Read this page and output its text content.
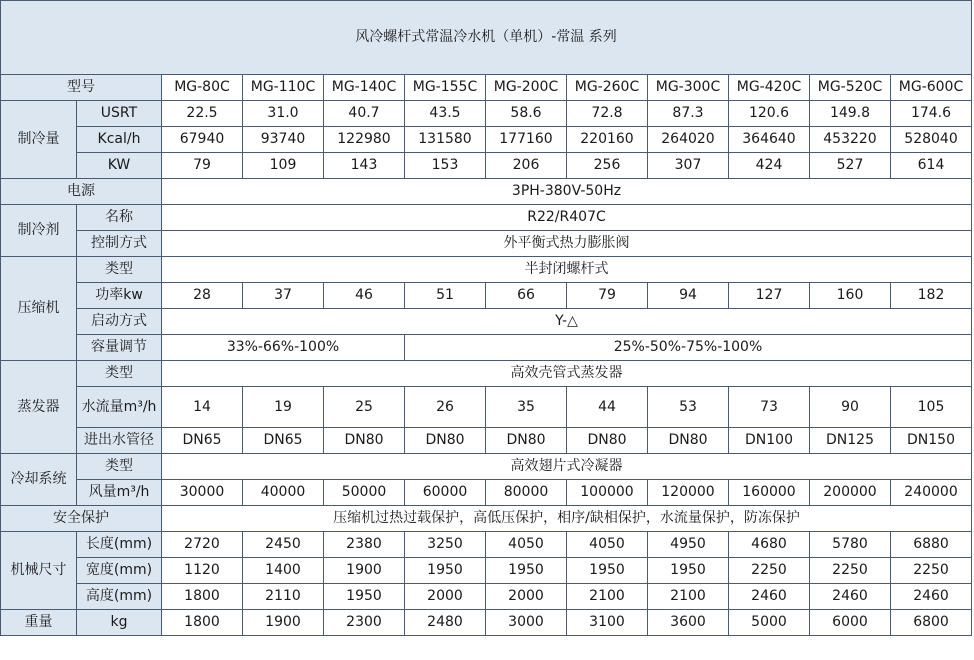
风冷螺杆式常温冷水机（单机）-常温 系列											
型号		MG-80C	MG-110C	MG-140C	MG-155C	MG-200C	MG-260C	MG-300C	MG-420C	MG-520C	MG-600C
制冷量	USRT	22.5	31.0	40.7	43.5	58.6	72.8	87.3	120.6	149.8	174.6
	Kcal/h	67940	93740	122980	131580	177160	220160	264020	364640	453220	528040
	KW	79	109	143	153	206	256	307	424	527	614
电源		3PH-380V-50Hz									
制冷剂	名称	R22/R407C									
	控制方式	外平衡式热力膨胀阀									
压缩机	类型	半封闭螺杆式									
	功率kw	28	37	46	51	66	79	94	127	160	182
	启动方式	Y-△									
	容量调节	33%-66%-100%			25%-50%-75%-100%						
蒸发器	类型	高效壳管式蒸发器									
	水流量m³/h	14	19	25	26	35	44	53	73	90	105
	进出水管径	DN65	DN65	DN80	DN80	DN80	DN80	DN80	DN100	DN125	DN150
冷却系统	类型	高效翅片式冷凝器									
	风量m³/h	30000	40000	50000	60000	80000	100000	120000	160000	200000	240000
安全保护		压缩机过热过载保护，高低压保护，相序/缺相保护，水流量保护，防冻保护									
机械尺寸	长度(mm)	2720	2450	2380	3250	4050	4050	4950	4680	5780	6880
	宽度(mm)	1120	1400	1900	1950	1950	1950	1950	2250	2250	2250
	高度(mm)	1800	2110	1950	2000	2000	2100	2100	2460	2460	2460
重量	kg	1800	1900	2300	2480	3000	3100	3600	5000	6000	6800
